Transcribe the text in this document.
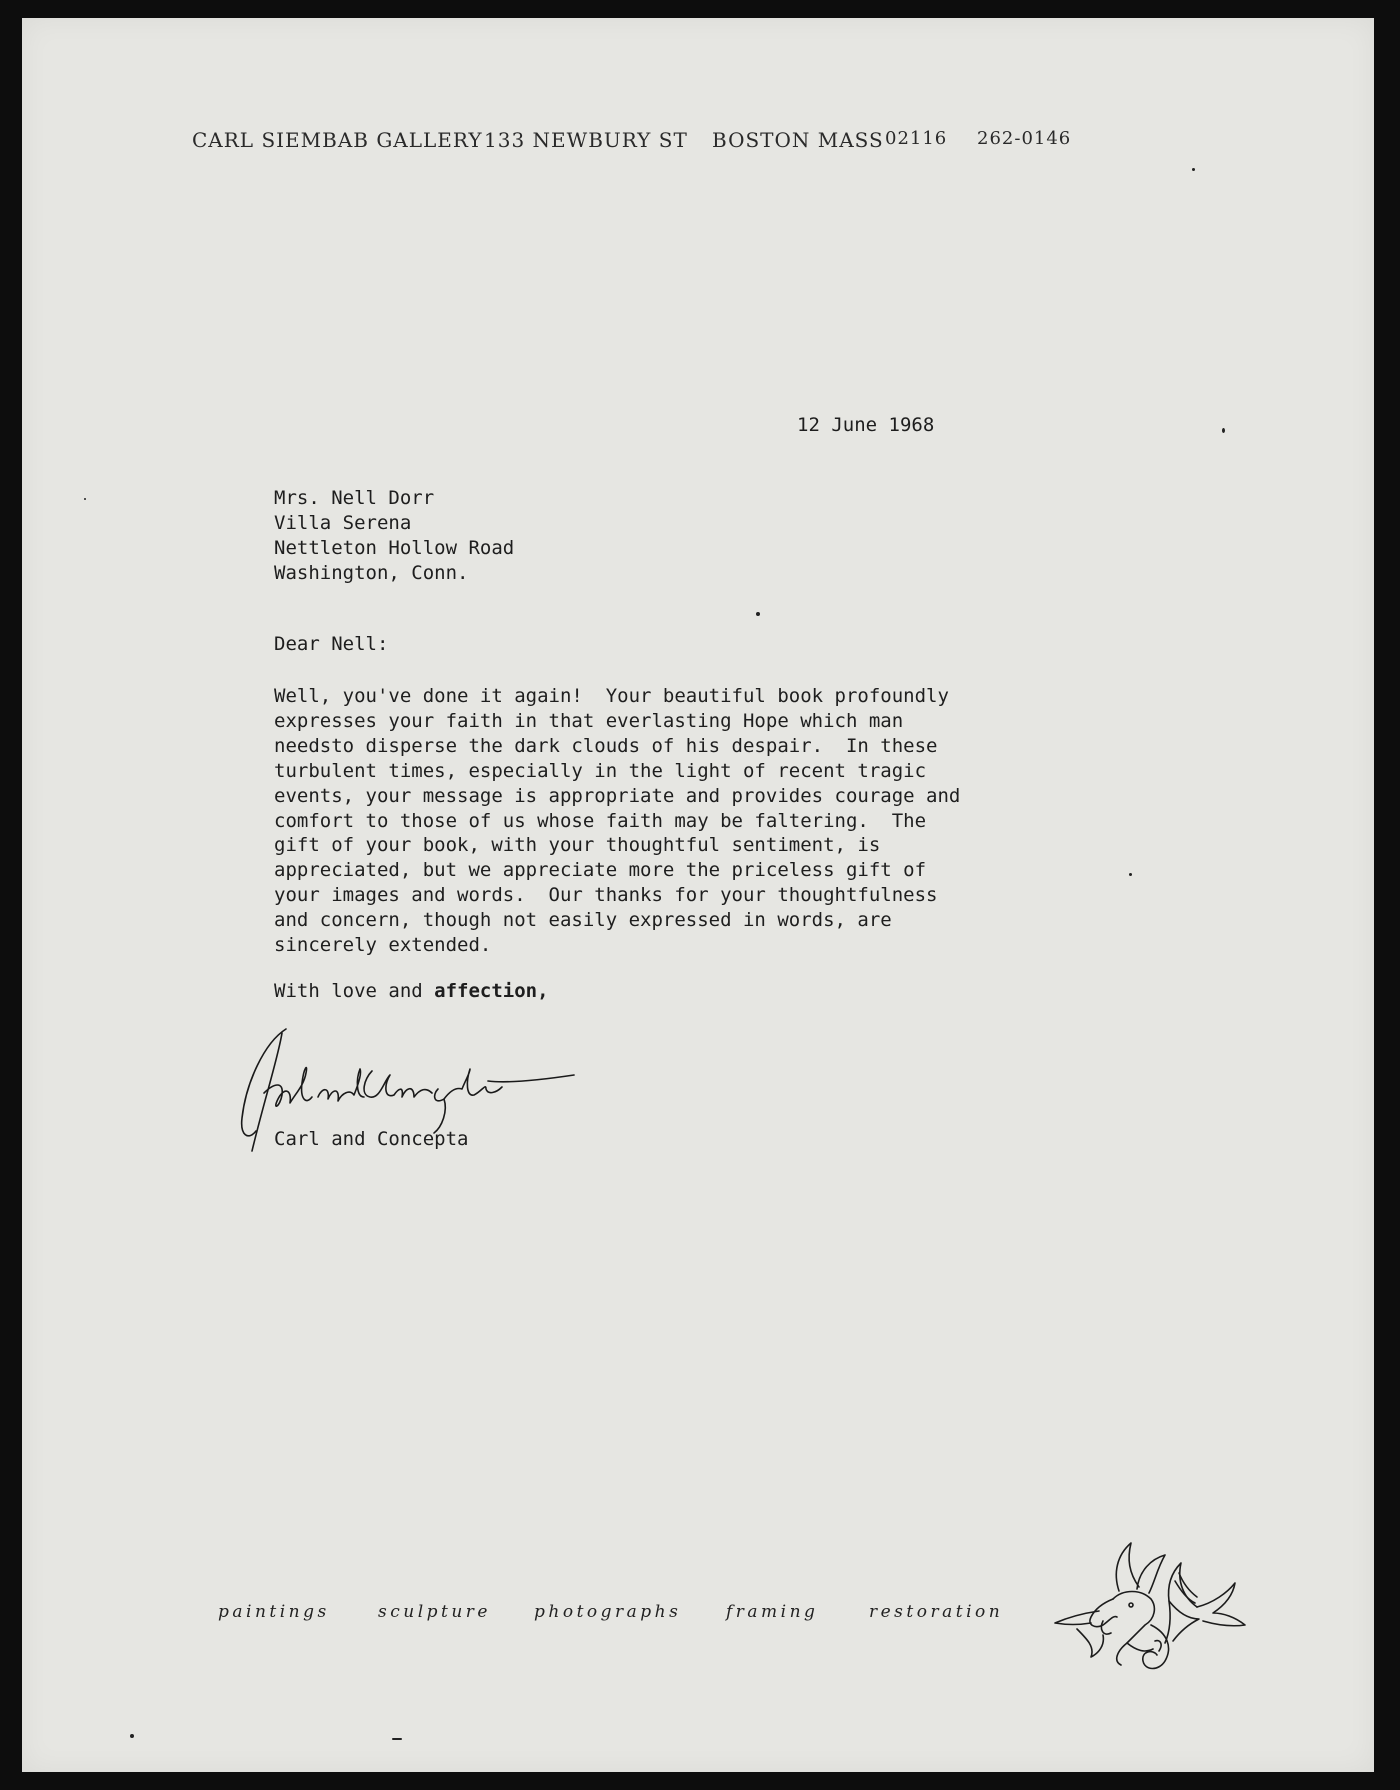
CARL SIEMBAB GALLERY 133 NEWBURY ST BOSTON MASS 02116 262-0146
12 June 1968
Mrs. Nell Dorr
Villa Serena
Nettleton Hollow Road
Washington, Conn.
Dear Nell:
Well, you've done it again!  Your beautiful book profoundly
expresses your faith in that everlasting Hope which man
needsto disperse the dark clouds of his despair.  In these
turbulent times, especially in the light of recent tragic
events, your message is appropriate and provides courage and
comfort to those of us whose faith may be faltering.  The
gift of your book, with your thoughtful sentiment, is
appreciated, but we appreciate more the priceless gift of
your images and words.  Our thanks for your thoughtfulness
and concern, though not easily expressed in words, are
sincerely extended.
With love and affection,
Carl and Concepta
paintings	sculpture	photographs	framing	restoration
